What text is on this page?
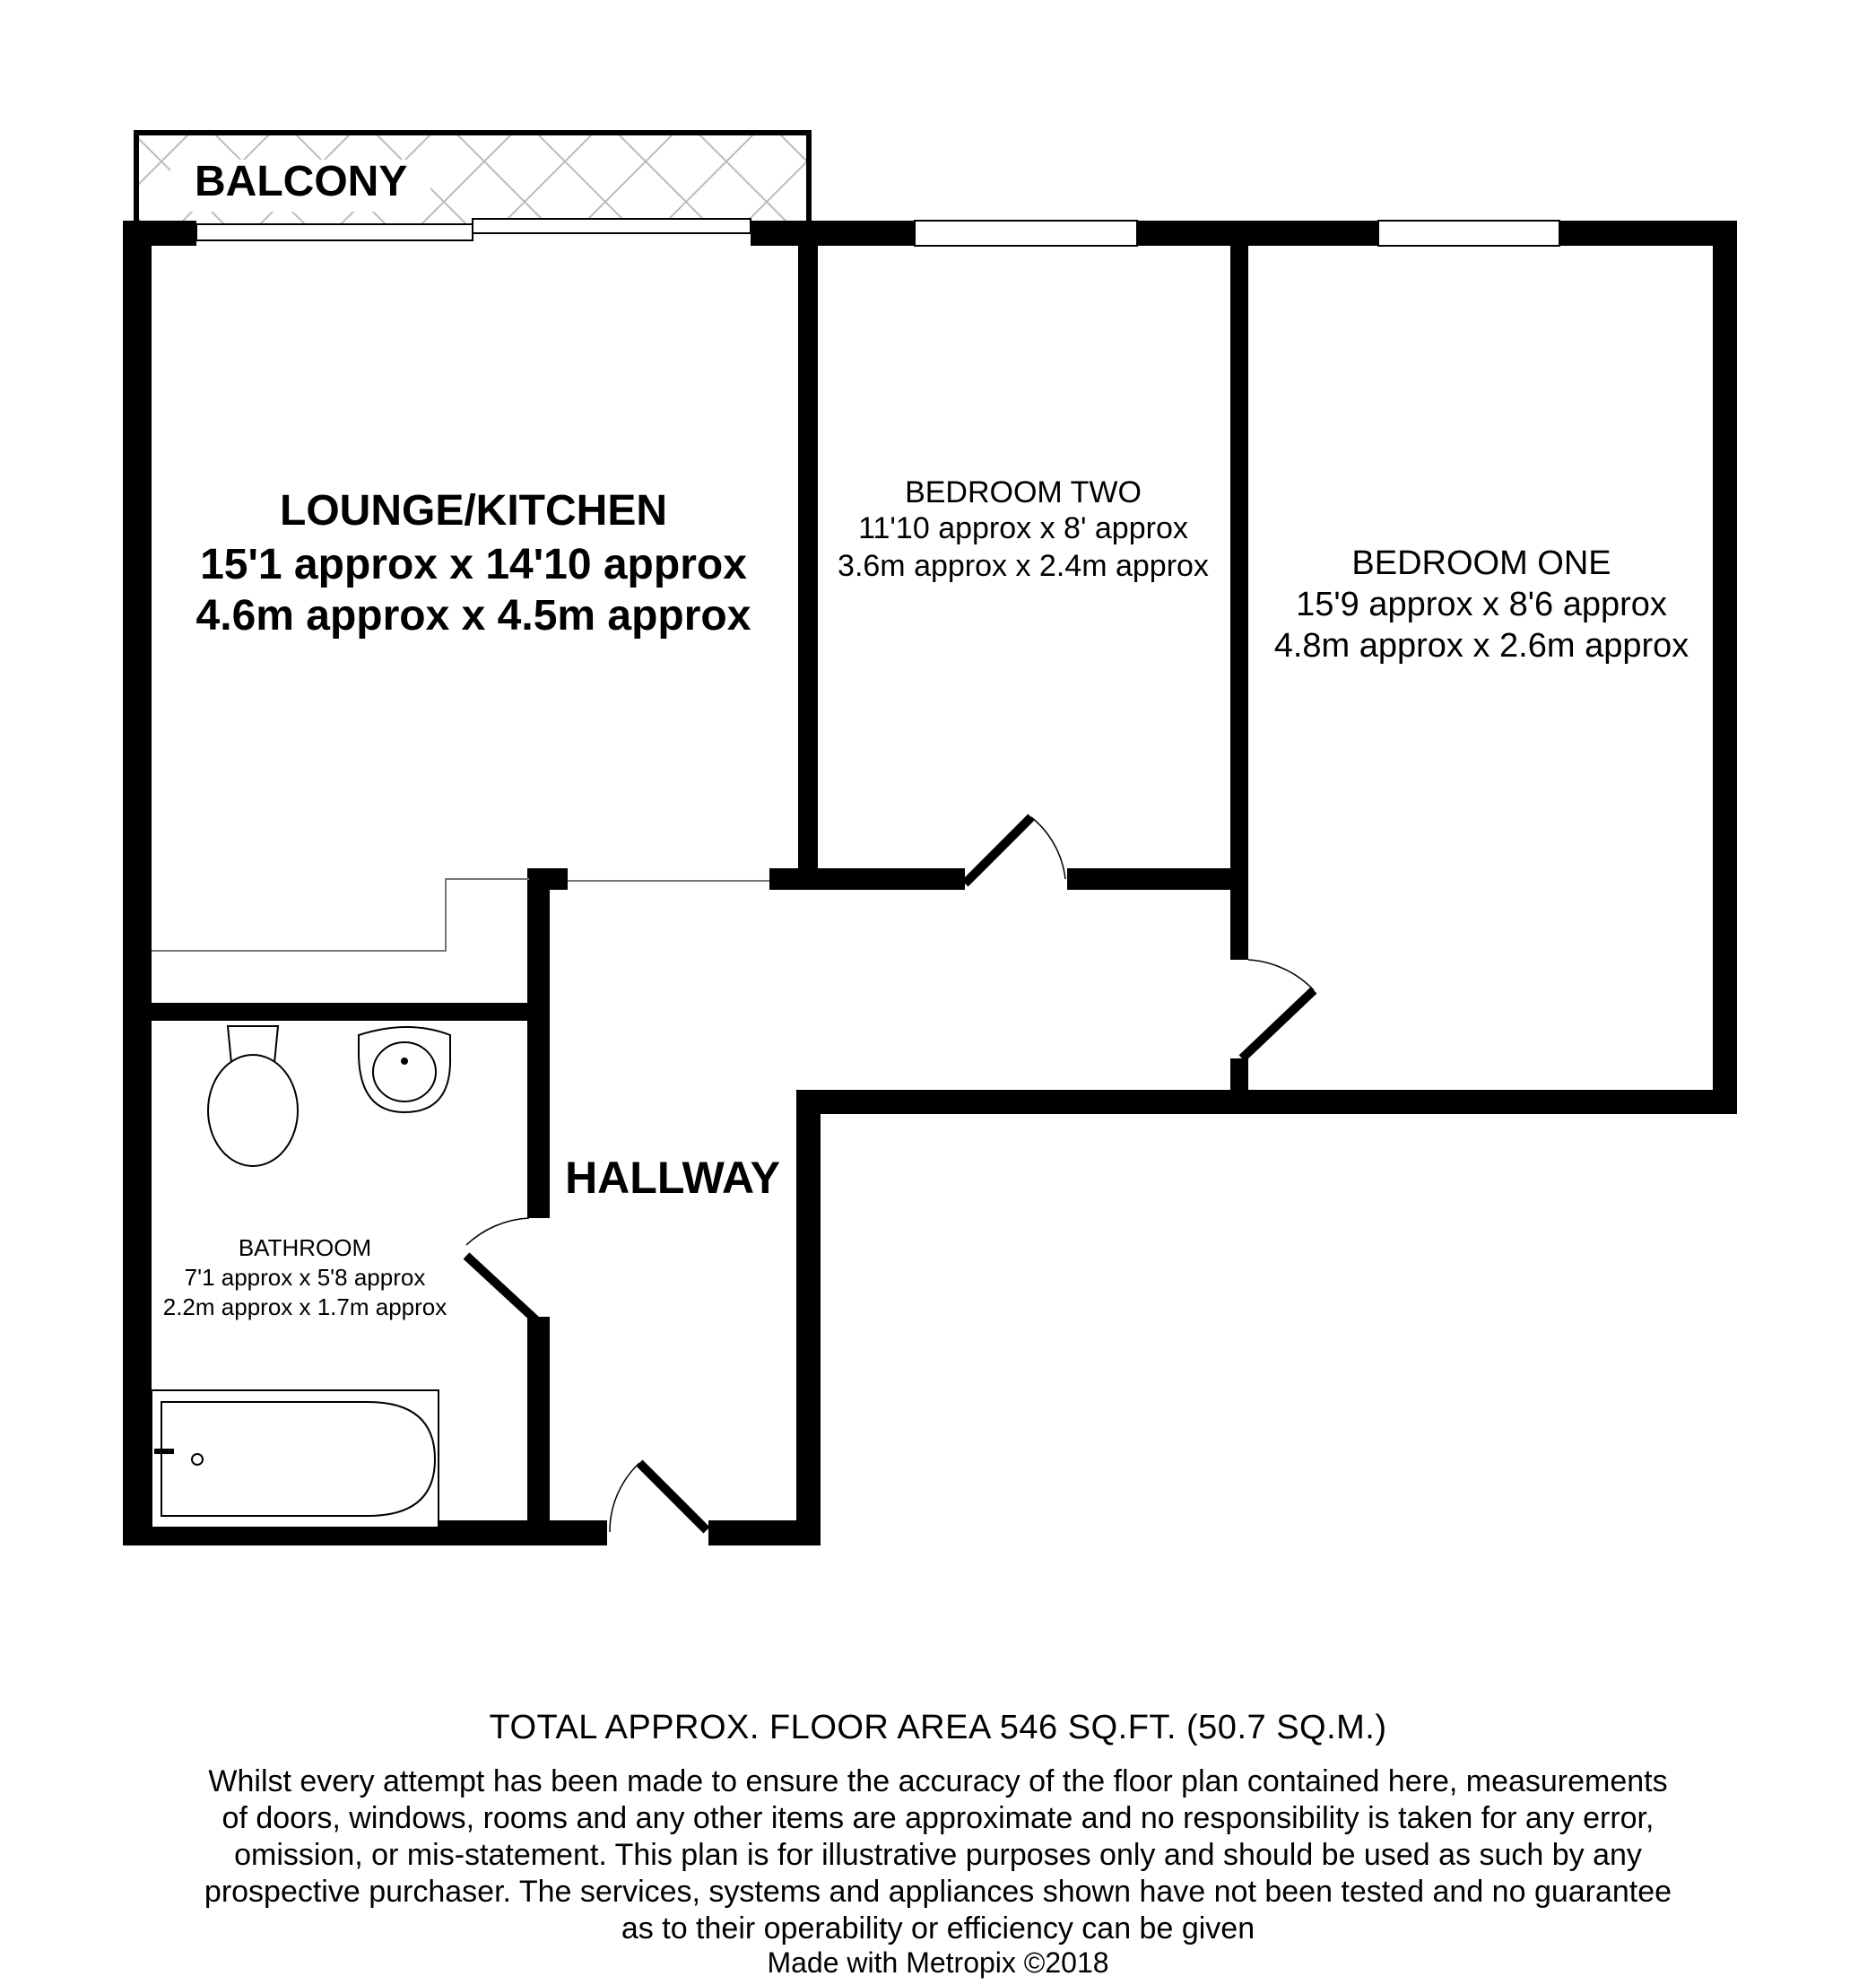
BALCONY
LOUNGE/KITCHEN
15'1 approx x 14'10 approx
4.6m approx x 4.5m approx
BEDROOM TWO
11'10 approx x 8' approx
3.6m approx x 2.4m approx	BEDROOM ONE
15'9 approx x 8'6 approx
4.8m approx x 2.6m approx
HALLWAY
BATHROOM
7'1 approx x 5'8 approx
2.2m approx x 1.7m approx
TOTAL APPROX. FLOOR AREA 546 SQ.FT. (50.7 SQ.M.)
Whilst every attempt has been made to ensure the accuracy of the floor plan contained here, measurements
of doors, windows, rooms and any other items are approximate and no responsibility is taken for any error,
omission, or mis-statement. This plan is for illustrative purposes only and should be used as such by any
prospective purchaser. The services, systems and appliances shown have not been tested and no guarantee
as to their operability or efficiency can be given
Made with Metropix ©2018
